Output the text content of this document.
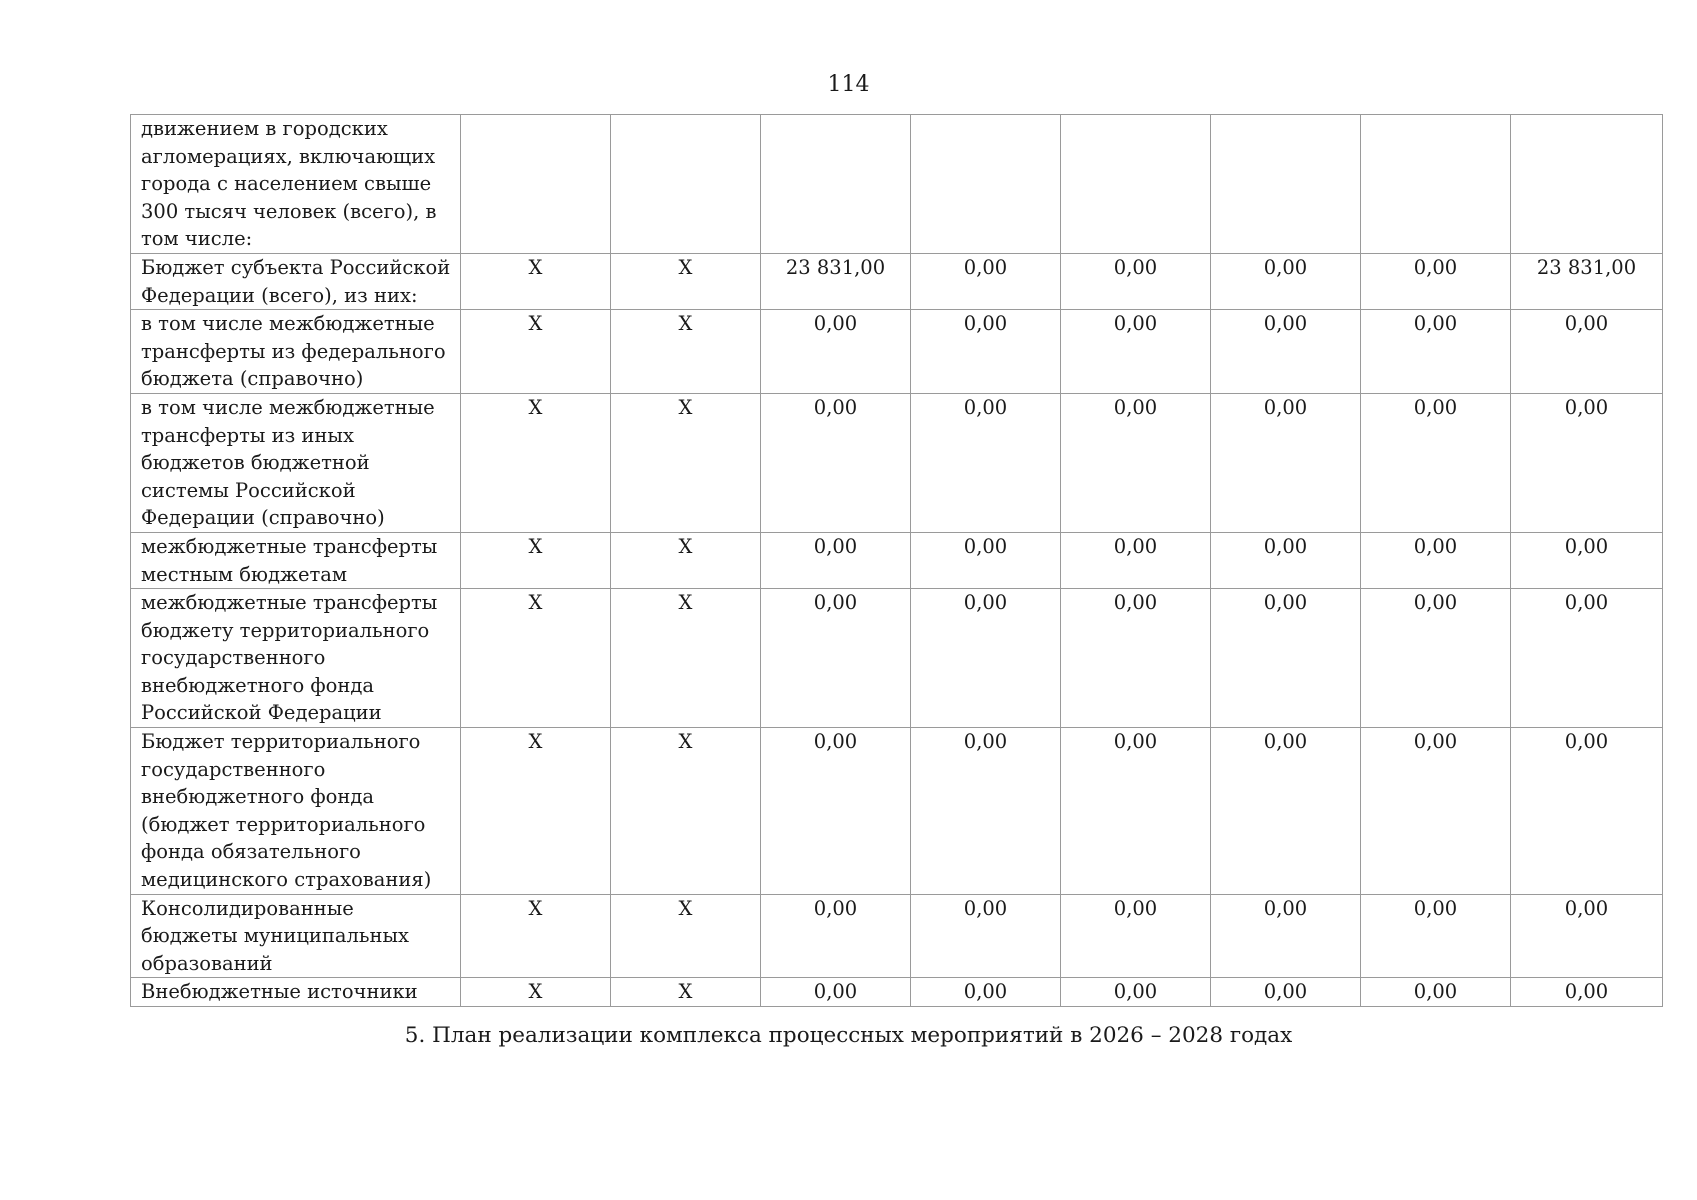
114
движением в городских агломерациях, включающих города с населением свыше 300 тысяч человек (всего), в том числе:								
Бюджет субъекта Российской Федерации (всего), из них:	X	X	23 831,00	0,00	0,00	0,00	0,00	23 831,00
в том числе межбюджетные трансферты из федерального бюджета (справочно)	X	X	0,00	0,00	0,00	0,00	0,00	0,00
в том числе межбюджетные трансферты из иных бюджетов бюджетной системы Российской Федерации (справочно)	X	X	0,00	0,00	0,00	0,00	0,00	0,00
межбюджетные трансферты местным бюджетам	X	X	0,00	0,00	0,00	0,00	0,00	0,00
межбюджетные трансферты бюджету территориального государственного внебюджетного фонда Российской Федерации	X	X	0,00	0,00	0,00	0,00	0,00	0,00
Бюджет территориального государственного внебюджетного фонда (бюджет территориального фонда обязательного медицинского страхования)	X	X	0,00	0,00	0,00	0,00	0,00	0,00
Консолидированные бюджеты муниципальных образований	X	X	0,00	0,00	0,00	0,00	0,00	0,00
Внебюджетные источники	X	X	0,00	0,00	0,00	0,00	0,00	0,00
5. План реализации комплекса процессных мероприятий в 2026 – 2028 годах
